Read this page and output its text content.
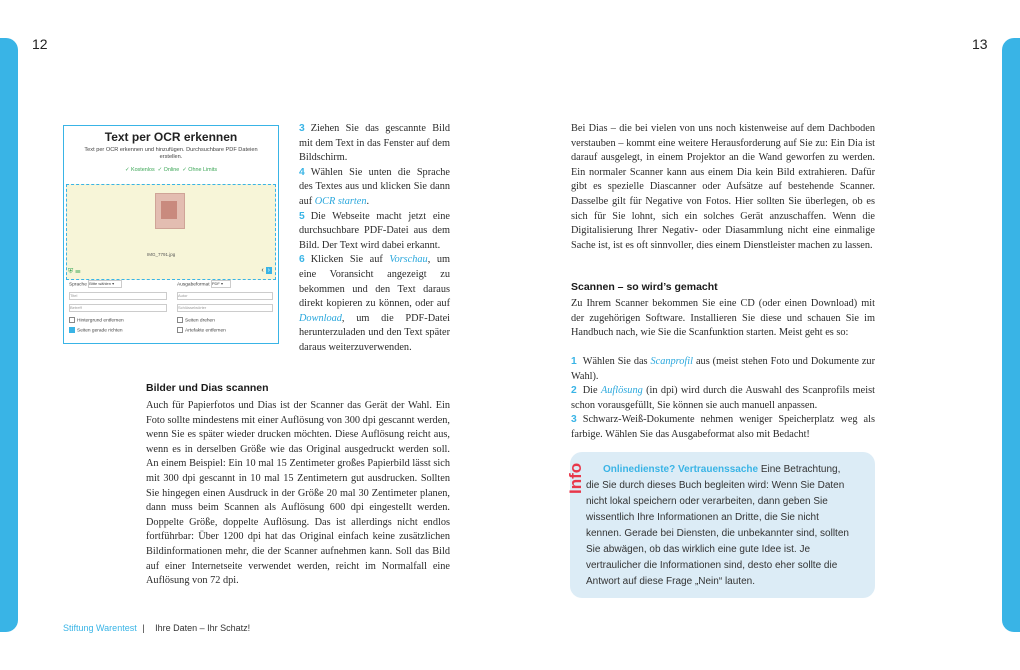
12	13
Text per OCR erkennen
Text per OCR erkennen und hinzufügen. Durchsuchbare PDF Dateien erstellen.
✓ Kostenlos ✓ Online ✓ Ohne Limits
IMG_7791.jpg
⛨ ☰	‹ ›
Sprache Bitte wählen ▾	Ausgabeformat PDF ▾
Titel	Autor
Betreff	Schlüsselwörter
Hintergrund entfernen	Seiten drehen
Seiten gerade richten	Artefakte entfernen

3 Ziehen Sie das gescannte Bild mit dem Text in das Fenster auf dem Bildschirm.

4 Wählen Sie unten die Sprache des Textes aus und klicken Sie dann auf OCR starten.

5 Die Webseite macht jetzt eine durchsuchbare PDF-Datei aus dem Bild. Der Text wird dabei erkannt.

6 Klicken Sie auf Vorschau, um eine Voransicht angezeigt zu bekommen und den Text daraus direkt kopieren zu können, oder auf Download, um die PDF-Datei herunterzuladen und den Text später daraus weiterzuverwenden.

Bilder und Dias scannen

Auch für Papierfotos und Dias ist der Scanner das Gerät der Wahl. Ein Foto sollte mindestens mit einer Auflösung von 300 dpi gescannt werden, wenn Sie es später wieder drucken möchten. Diese Auflösung reicht aus, wenn es in derselben Größe wie das Original ausgedruckt werden soll. An einem Beispiel: Ein 10 mal 15 Zentimeter großes Papierbild lässt sich mit 300 dpi gescannt in 10 mal 15 Zentimetern gut ausdrucken. Sollten Sie hingegen einen Ausdruck in der Größe 20 mal 30 Zentimeter planen, dann muss beim Scannen als Auflösung 600 dpi eingestellt werden. Doppelte Größe, doppelte Auflösung. Das ist allerdings nicht endlos fortführbar: Über 1200 dpi hat das Original einfach keine zusätzlichen Bildinformationen mehr, die der Scanner aufnehmen kann. Soll das Bild auf einer Internetseite verwendet werden, reicht im Normalfall eine Auflösung von 72 dpi.

Bei Dias – die bei vielen von uns noch kistenweise auf dem Dachboden verstauben – kommt eine weitere Herausforderung auf Sie zu: Ein Dia ist darauf ausgelegt, in einem Projektor an die Wand geworfen zu werden. Ein normaler Scanner kann aus einem Dia kein Bild extrahieren. Dafür gibt es spezielle Diascanner oder Aufsätze auf bestehende Scanner. Dasselbe gilt für Negative von Fotos. Hier sollten Sie überlegen, ob es sich für Sie lohnt, sich ein solches Gerät anzuschaffen. Wenn die Digitalisierung Ihrer Negativ- oder Diasammlung nicht eine einmalige Sache ist, ist es oft sinnvoller, dies einem Dienstleister machen zu lassen.

Scannen – so wird’s gemacht

Zu Ihrem Scanner bekommen Sie eine CD (oder einen Download) mit der zugehörigen Software. Installieren Sie diese und schauen Sie im Handbuch nach, wie Sie die Scanfunktion starten. Meist geht es so:

1 Wählen Sie das Scanprofil aus (meist stehen Foto und Dokumente zur Wahl).

2 Die Auflösung (in dpi) wird durch die Auswahl des Scanprofils meist schon vorausgefüllt, Sie können sie auch manuell anpassen.

3 Schwarz-Weiß-Dokumente nehmen weniger Speicherplatz weg als farbige. Wählen Sie das Ausgabeformat also mit Bedacht!

Info	Onlinedienste? Vertrauenssache Eine Betrachtung, die Sie durch dieses Buch begleiten wird: Wenn Sie Daten nicht lokal speichern oder verarbeiten, dann geben Sie wissentlich Ihre Informationen an Dritte, die Sie nicht kennen. Gerade bei Diensten, die unbekannter sind, sollten Sie abwägen, ob das wirklich eine gute Idee ist. Je vertraulicher die Informationen sind, desto eher sollte die Antwort auf diese Frage „Nein“ lauten.
Stiftung Warentest | Ihre Daten – Ihr Schatz!
